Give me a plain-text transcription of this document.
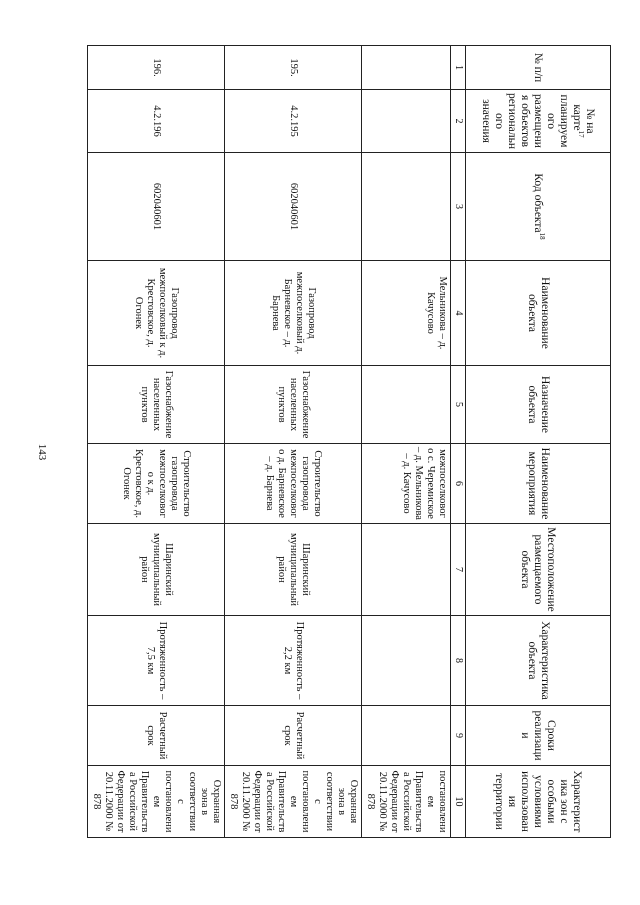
143
№ п/п	№ на карте$^{17}$ планируемого размещения объектов регионального значения	Код объекта$^{18}$	Наименование объекта	Назначение объекта	Наименование мероприятия	Местоположение размещаемого объекта	Характеристика объекта	Сроки реализации	Характеристика зон с особыми условиями использования территории
1	2	3	4	5	6	7	8	9	10
			Мельникова – д. Качусово		межпоселкового с. Черемиское – д. Мельникова – д. Качусово				постановлением Правительства Российской Федерации от 20.11.2000 № 878
195.	4.2.195	602040601	Газопровод межпоселковый д. Барневское – д. Барнева	Газоснабжение населенных пунктов	Строительство газопровода межпоселкового д. Барневское – д. Барнева	Шаринский муниципальный район	Протяженность – 2,2 км	Расчетный срок	Охранная зона в соответствии с постановлением Правительства Российской Федерации от 20.11.2000 № 878
196.	4.2.196	602040601	Газопровод межпоселковый к д. Крестовское, д. Огонек	Газоснабжение населенных пунктов	Строительство газопровода межпоселкового к д. Крестовское, д. Огонек	Шаринский муниципальный район	Протяженность – 7,5 км	Расчетный срок	Охранная зона в соответствии с постановлением Правительства Российской Федерации от 20.11.2000 № 878
